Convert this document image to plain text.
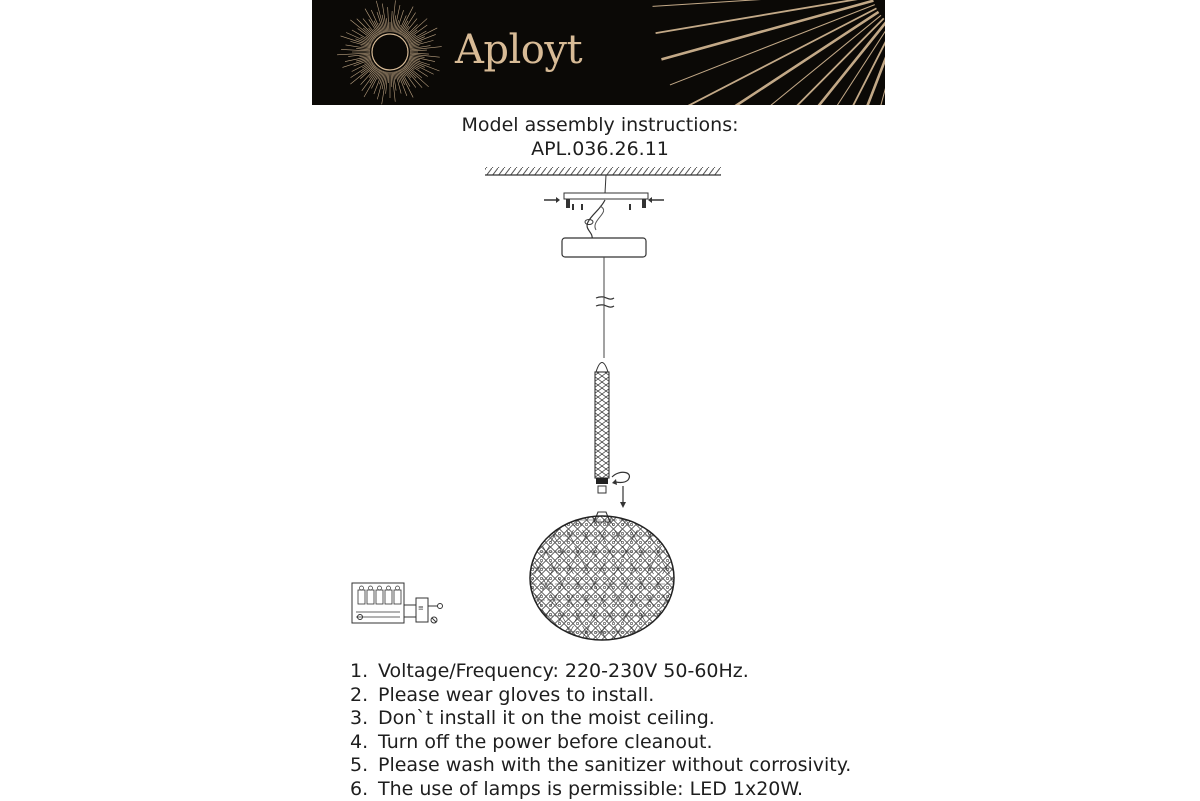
Aployt
Model assembly instructions:
APL.036.26.11
≡
1. Voltage/Frequency: 220-230V 50-60Hz.
2. Please wear gloves to install.
3. Don`t install it on the moist ceiling.
4. Turn off the power before cleanout.
5. Please wash with the sanitizer without corrosivity.
6. The use of lamps is permissible: LED 1x20W.
